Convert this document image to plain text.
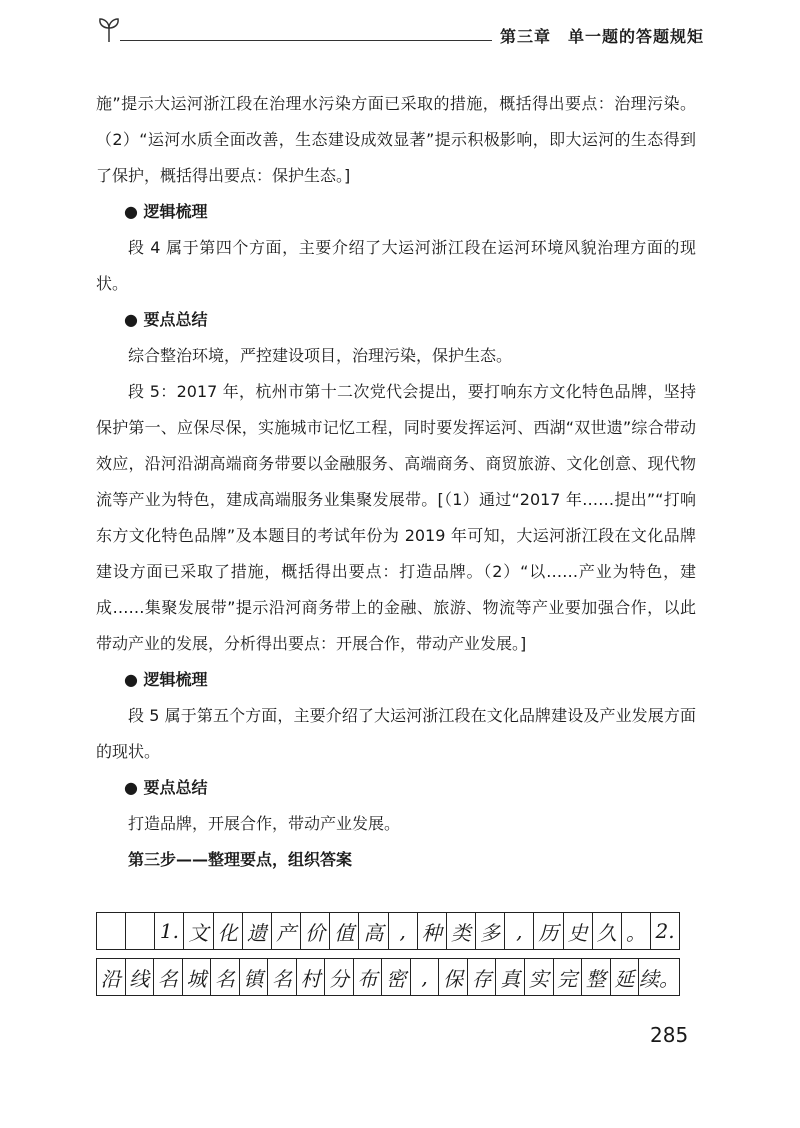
第三章　单一题的答题规矩

施”提示大运河浙江段在治理水污染方面已采取的措施，概括得出要点：治理污染。（2）“运河水质全面改善，生态建设成效显著”提示积极影响，即大运河的生态得到了保护，概括得出要点：保护生态。]

● 逻辑梳理

段 4 属于第四个方面，主要介绍了大运河浙江段在运河环境风貌治理方面的现状。

● 要点总结

综合整治环境，严控建设项目，治理污染，保护生态。

段 5：2017 年，杭州市第十二次党代会提出，要打响东方文化特色品牌，坚持保护第一、应保尽保，实施城市记忆工程，同时要发挥运河、西湖“双世遗”综合带动效应，沿河沿湖高端商务带要以金融服务、高端商务、商贸旅游、文化创意、现代物流等产业为特色，建成高端服务业集聚发展带。[（1）通过“2017 年……提出”“打响东方文化特色品牌”及本题目的考试年份为 2019 年可知，大运河浙江段在文化品牌建设方面已采取了措施，概括得出要点：打造品牌。（2）“以……产业为特色，建成……集聚发展带”提示沿河商务带上的金融、旅游、物流等产业要加强合作，以此带动产业的发展，分析得出要点：开展合作，带动产业发展。]

● 逻辑梳理

段 5 属于第五个方面，主要介绍了大运河浙江段在文化品牌建设及产业发展方面的现状。

● 要点总结

打造品牌，开展合作，带动产业发展。

第三步——整理要点，组织答案

1. 文 化 遗 产 价 值 高 , 种 类 多 , 历 史 久 。 2.
沿 线 名 城 名 镇 名 村 分 布 密 , 保 存 真 实 完 整 延 续。
285
